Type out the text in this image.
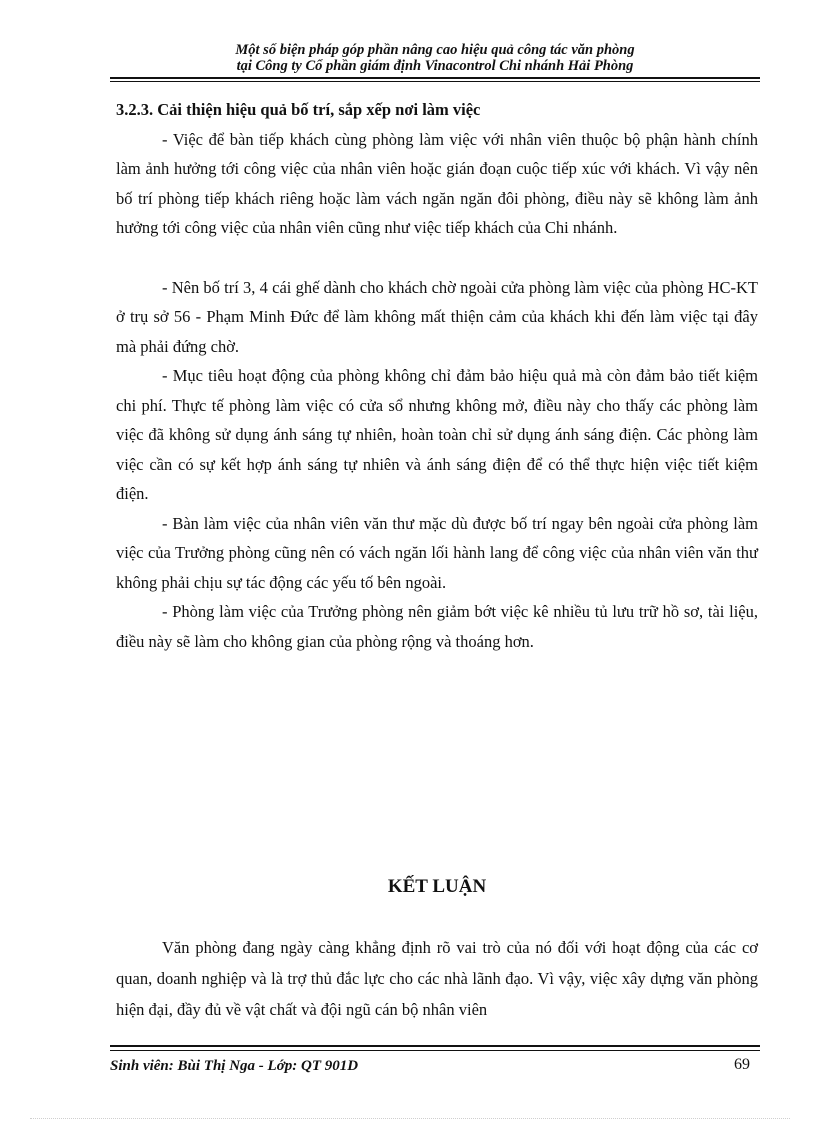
Một số biện pháp góp phần nâng cao hiệu quả công tác văn phòng
tại Công ty Cổ phần giám định Vinacontrol Chi nhánh Hải Phòng

3.2.3. Cải thiện hiệu quả bố trí, sắp xếp nơi làm việc

- Việc để bàn tiếp khách cùng phòng làm việc với nhân viên thuộc bộ phận hành chính làm ảnh hưởng tới công việc của nhân viên hoặc gián đoạn cuộc tiếp xúc với khách. Vì vậy nên bố trí phòng tiếp khách riêng hoặc làm vách ngăn ngăn đôi phòng, điều này sẽ không làm ảnh hưởng tới công việc của nhân viên cũng như việc tiếp khách của Chi nhánh.

- Nên bố trí 3, 4 cái ghế dành cho khách chờ ngoài cửa phòng làm việc của phòng HC-KT ở trụ sở 56 - Phạm Minh Đức để làm không mất thiện cảm của khách khi đến làm việc tại đây mà phải đứng chờ.

- Mục tiêu hoạt động của phòng không chỉ đảm bảo hiệu quả mà còn đảm bảo tiết kiệm chi phí. Thực tế phòng làm việc có cửa sổ nhưng không mở, điều này cho thấy các phòng làm việc đã không sử dụng ánh sáng tự nhiên, hoàn toàn chỉ sử dụng ánh sáng điện. Các phòng làm việc cần có sự kết hợp ánh sáng tự nhiên và ánh sáng điện để có thể thực hiện việc tiết kiệm điện.

- Bàn làm việc của nhân viên văn thư mặc dù được bố trí ngay bên ngoài cửa phòng làm việc của Trưởng phòng cũng nên có vách ngăn lối hành lang để công việc của nhân viên văn thư không phải chịu sự tác động các yếu tố bên ngoài.

- Phòng làm việc của Trưởng phòng nên giảm bớt việc kê nhiều tủ lưu trữ hồ sơ, tài liệu, điều này sẽ làm cho không gian của phòng rộng và thoáng hơn.

KẾT LUẬN

Văn phòng đang ngày càng khẳng định rõ vai trò của nó đối với hoạt động của các cơ quan, doanh nghiệp và là trợ thủ đắc lực cho các nhà lãnh đạo. Vì vậy, việc xây dựng văn phòng hiện đại, đầy đủ về vật chất và đội ngũ cán bộ nhân viên

Sinh viên: Bùi Thị Nga - Lớp: QT 901D	69
